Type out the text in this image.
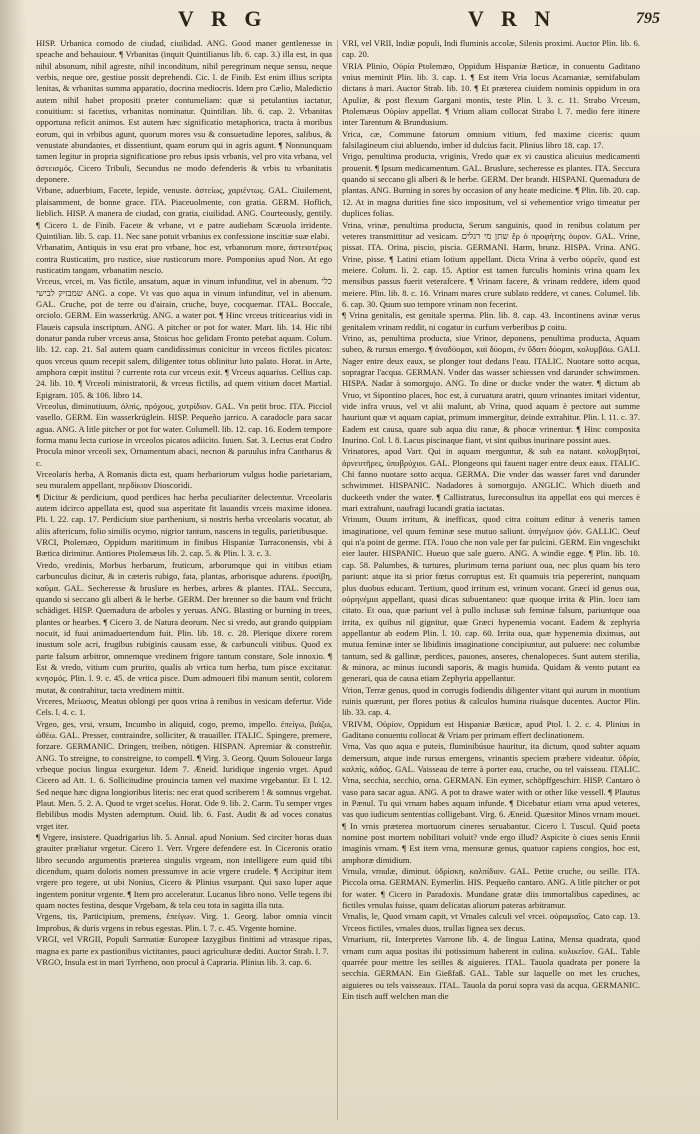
V R G	V R N	795

HISP. Urbanica comodo de ciudad, ciuilidad. ANG. Good maner gentlenesse in speache and behauiour. ¶ Vrbanitas (inquit Quintilianus lib. 6. cap. 3.) illa est, in qua nihil absonum, nihil agreste, nihil inconditum, nihil peregrinum neque sensu, neque verbis, neque ore, gestiue possit deprehendi. Cic. l. de Finib. Est enim illius scripta lenitas, & vrbanitas summa apparatio, docrina mediocris. Idem pro Cælio, Maledictio autem nihil habet propositi præter contumeliam: quæ si petulantius iactatur, conuitium: si facetius, vrbanitas nominatur. Quintilian. lib. 6. cap. 2. Vrbanitas opportuna reficit animos. Est autem hæc significatio metaphorica, tracta à moribus eorum, qui in vrbibus agunt, quorum mores vsu & consuetudine lepores, salibus, & venustate abundantes, et dissentiunt, quam eorum qui in agris agunt. ¶ Nonnunquam tamen legitur in propria significatione pro rebus ipsis vrbanis, vel pro vita vrbana, vel ἀστεισμός. Cicero Tribuli, Secundus ne modo defenderis & vrbis tu vrbanitatis deponere.

Vrbane, aduerbium, Facete, lepide, venuste. ἀστείως, χαριέντως. GAL. Ciuilement, plaisamment, de bonne grace. ITA. Piaceuolmente, con gratia. GERM. Hoflich, lieblich. HISP. A manera de ciudad, con gratia, ciuilidad. ANG. Courteously, gentily. ¶ Cicero 1. de Finib. Facete & vrbane, vt e patre audiebam Scæuola irridente. Quintilian. lib. 5. cap. 11. Nec sane potuit vrbanius ex confessione inscitiæ suæ elabi.

Vrbanatim, Antiquis in vsu erat pro vrbane, hoc est, vrbanorum more, ἀστειοτέρως contra Rusticatim, pro rustice, siue rusticorum more. Pomponius apud Non. At ego rusticatim tangam, vrbanatim nescio.

Vrceus, vrcei, m. Vas fictile, ansatum, aquæ in vinum infunditur, vel in abenum. כלי שמבזיק לבישי ANG. a cope. Vt vas quo aqua in vinum infunditur, vel in abenum. GAL. Cruche, pot de terre ou d'airain, cruche, buye, cocquemar. ITAL. Boccale, orciolo. GERM. Ein wasserkrüg. ANG. a water pot. ¶ Hinc vrceus triticearius vidi in Flaueis capsula inscriptum. ANG. A pitcher or pot for water. Mart. lib. 14. Hic tibi donatur panda ruber vrceus ansa, Stoicus hoc gelidam Fronto petebat aquam. Colum. lib. 12. cap. 21. Sal autem quam candidissimus conicitur in vrceos fictiles picatos: quos vrceus quum recepit salem, diligenter totus oblinitur luto palato. Horat. in Arte, amphora cœpit institui ? currente rota cur vrceus exit. ¶ Vrceus aquarius. Cellius cap. 24. lib. 10. ¶ Vrceoli ministratorii, & vrceus fictilis, ad quem vitium docet Martial. Epigram. 105. & 106. libro 14.

Vrceolus, diminutiuum, ὀλπίς, πρόχους, χυτρίδιον. GAL. Vn petit broc. ITA. Picciol vasello. GERM. Ein wasserkrüglein. HISP. Pequeño jarrico. A caradocle para sacar agua. ANG. A litle pitcher or pot for water. Columell. lib. 12. cap. 16. Eodem tempore forma manu lecta curiose in vrceolos picatos adiicito. Iuuen. Sat. 3. Lectus erat Codro Procula minor vrceoli sex, Ornamentum abaci, necnon & paruulus infra Cantharus & c.

Vrceolaris herba, A Romanis dicta est, quam herbariorum vulgus hodie parietariam, seu muralem appellant, περδίκιον Dioscoridi.

¶ Dicitur & perdicium, quod perdices hac herba peculiariter delectentur. Vrceolaris autem idcirco appellata est, quod sua asperitate fit lauandis vrceis maxime idonea. Pli. l. 22. cap. 17. Perdicium siue parthenium, si nostris herba vrceolaris vocatur, ab aliis aftericum, folio similis ocymo, nigrior tantum, nascens in tegulis, parietibusque.

VRCI, Ptolemæo, Oppidum maritimum in finibus Hispaniæ Tarraconensis, vbi à Bætica dirimitur. Antiores Ptolemæus lib. 2. cap. 5. & Plin. l. 3. c. 3.

Vredo, vredinis, Morbus herbarum, fruticum, arborumque qui in vitibus etiam carbunculus dicitur, & in cæteris rubigo, fata, plantas, arborisque adurens. ἐρυσίβη, καῦμα. GAL. Secheresse & bruslure es herbes, arbres & plantes. ITAL. Seccura, quando si seccano gli alberi & le herbe. GERM. Der brenner so die baum vnd frücht schädiget. HISP. Quemadura de arboles y yeruas. ANG. Blasting or burning in trees, plantes or hearbes. ¶ Cicero 3. de Natura deorum. Nec si vredo, aut grando quippiam nocuit, id fuui animaduertendum fuit. Plin. lib. 18. c. 28. Plerique dixere rorem inustum sole acri, frugibus rubiginis causam esse, & carbunculi vitibus. Quod ex parte falsum arbitror, omnemque vredinem frigore tantum constare, Sole innoxio. ¶ Est & vredo, vitium cum prurito, qualis ab vrtica tum herba, tum pisce excitatur. κνησμός. Plin. l. 9. c. 45. de vrtica pisce. Dum admoueri fibi manum sentit, colorem mutat, & contrahitur, tacta vredinem mittit.

Vrceres, Μείωσις, Meatus oblongi per quos vrina à renibus in vesicam defertur. Vide Cels. l. 4. c. 1.

Vrgeo, ges, vrsi, vrsum, Incumbo in aliquid, cogo, premo, impello. ἐπείγω, βιάζω, ὠθέω. GAL. Presser, contraindre, solliciter, & trauailler. ITALIC. Spingere, premere, forzare. GERMANIC. Dringen, treiben, nötigen. HISPAN. Apremiar & constreñir. ANG. To streigne, to constreigne, to compell. ¶ Virg. 3. Georg. Quum Soloueur larga vrbeque pocius lingua exurgetur. Idem 7. Æneid. Iuridique ingenio vrget. Apud Cicero ad Att. 1. 6. Sollicitudine prouincia tamen vel maxime vrgebantur. Et l. 12. Sed neque hæc digna longioribus literis: nec erat quod scriberem ! & somnus vrgebat. Plaut. Men. 5. 2. A. Quod te vrget scelus. Horat. Ode 9. lib. 2. Carm. Tu semper vrges flebilibus modis Mysten ademptum. Ouid. lib. 6. Fast. Audit & ad voces conatus vrget iter.

¶ Vrgere, insistere. Quadrigarius lib. 5. Annal. apud Nonium. Sed circiter horas duas grauiter præliatur vrgetur. Cicero 1. Verr. Vrgere defendere est. In Ciceronis oratio libro secundo argumentis præterea singulis vrgeam, non intelligere eum quid tibi dicendum, quam doloris nomen pressumve in acie vrgere crudele. ¶ Accipitur item vrgere pro tegere, ut ubi Nonius, Cicero & Plinius vsurpant. Qui saxo luper aque ingentem ponitur vrgente. ¶ Item pro acceleratur. Lucanus libro nono. Velle tegens ibi quam noctes festina, desque Vrgebam, & tela ceu tota in sagitta illa tuta.

Vrgens, tis, Participium, premens, ἐπείγων. Virg. 1. Georg. labor omnia vincit Improbus, & duris vrgens in rebus egestas. Plin. l. 7. c. 45. Vrgente homine.

VRGI, vel VRGII, Populi Sarmatiæ Europeæ Iazygibus finitimi ad vtrasque ripas, magna ex parte ex pastionibus victitantes, pauci agriculturæ dediti. Auctor Strab. l. 7.

VRGO, Insula est in mari Tyrrheno, non procul à Capraria. Plinius lib. 3. cap. 6.

VRI, vel VRII, Indiæ populi, Indi fluminis accolæ, Silenis proximi. Auctor Plin. lib. 6. cap. 20.

VRIA Plinio, Οὐρία Ptolemæo, Oppidum Hispaniæ Bæticæ, in conuentu Gaditano vnius meminit Plin. lib. 3. cap. 1. ¶ Est item Vria locus Acarnaniæ, semifabulam dictans à mari. Auctor Strab. lib. 10. ¶ Et præterea ciuidem nominis oppidum in ora Apuliæ, & post flexum Gargani montis, teste Plin. l. 3. c. 11. Strabo Vrceum, Ptolemæus Οὐρίον appellat. ¶ Vrium aliam collocat Strabo l. 7. medio fere itinere inter Tarentum & Brundusium.

Vrica, cæ, Commune fatorum omnium vitium, fed maxime ciceris: quum falsilagineum ciui abluendo, imber id dulcius facit. Plinius libro 18. cap. 17.

Vrigo, penultima producta, vriginis, Vredo quæ ex vi caustica alicuius medicamenti prouenit. ¶ Ipsum medicamentum. GAL. Bruslure, secheresse es plantes. ITA. Seccura quando si seccano gli alberi & le herbe. GERM. Der brandt. HISPANI. Quemadura de plantas. ANG. Burning in sores by occasion of any heate medicine. ¶ Plin. lib. 20. cap. 12. At in magna durities fine sico impositum, vel si vehementior vrigo timeatur per duplices folias.

Vrina, vrinæ, penultima producta, Serum sanguinis, quod in renibus colatum per veteres transmittitur ad vesicam. שתן מי רגלים ἔρ ὁ προφήτης ὀυρον. GAL. Vrine, pissat. ITA. Orina, piscio, piscia. GERMANI. Harm, brunz. HISPA. Vrina. ANG. Vrine, pisse. ¶ Latini etiam lotium appellant. Dicta Vrina à verbo οὐρεῖν, quod est meiere. Colum. li. 2. cap. 15. Aptior est tamen furculis hominis vrina quam lex mensibus passus fuerit veterafcere. ¶ Vrinam facere, & vrinam reddere, idem quod meiere. Plin. lib. 8. c. 16. Vrinam mares crure sublato reddere, vt canes. Columel. lib. 6. cap. 30. Quum suo tempore vrinam non fecerint.

¶ Vrina genitalis, est genitale sperma. Plin. lib. 8. cap. 43. Incontinens avinæ verus genitalem vrinam reddit, ni cogatur in curfum verberibus ꝑ coitu.

Vrino, as, penultima producta, siue Vrinor, deponens, penultima producta, Aquam subeo, & rursus emergo. ¶ ἀναδύομαι, καὶ δύομαι, ἐν ὕδατι δύομαι, κολυμβάω. GALI. Nager entre deux eaux, se plonger tout dedans l'eau. ITALIC. Nuotare sotto acqua, sopragrar l'acqua. GERMAN. Vnder das wasser schiessen vnd darunder schwimmen. HISPA. Nadar à somorgujo. ANG. To dine or ducke vnder the water. ¶ dictum ab Vruo, vt Sipontino places, hoc est, à curuatura aratri, quum vrinantes imitari videntur, vide infra vruus, vel vt alii malunt, ab Vrina, quod aquam è pectore aut summe hauriunt quæ vt aquam capiat, primum immergitur, deinde extrahitur. Plin. l. 11. c. 37. Eadem est causa, quare sub aqua diu ranæ, & phocæ vrinentur. ¶ Hinc composita Inurino. Col. l. 8. Lacus piscinaque fiant, vt sint quibus inurinare possint aues.

Vrinatores, apud Varr. Qui in aquam merguntur, & sub ea natant. κολυμβηταί, ἀρνευτῆρες, ὑποβρύχιοι. GAL. Plongeons qui fauent nager entre deux eaux. ITALIC. Chi fanno nuotare sotto acqua. GERMA. Die vnder das wasser faret vnd darunder schwimmet. HISPANIC. Nadadores à somorgujo. ANGLIC. Which diueth and duckeeth vnder the water. ¶ Callistratus, Iureconsultus ita appellat eos qui merces è mari extrahunt, naufragi lucandi gratia iactatas.

Vrinum, Ouum irritum, & inefficax, quod citra coitum editur à veneris tamen imaginatione, vel quum feminæ sese mutuo saliunt. ὑπηνέμιον ᾠόν. GALLIC. Oeuf qui n'a point de germe. ITA. l'ouo che non vale per far pulcini. GERM. Ein vngeschikt eier lauter. HISPANIC. Hueuo que sale guero. ANG. A windie egge. ¶ Plin. lib. 10. cap. 58. Palumbes, & turtures, plurimum terna pariunt oua, nec plus quam bis tero pariunt: atque ita si prior fœtus corruptus est. Et quamuis tria pepererint, nunquam plus duobus educant. Tertium, quod irritum est, vrinum vocant. Græci id genus oua, οὐρηνέμια appellant, quasi dicas subuentaneo: quæ quoque irrita & Plin. loco iam citato. Et oua, quæ pariunt vel à pullo inclusæ sub feminæ falsum, pariuntque oua irrita, ex quibus nil gignitur, quæ Græci hypenemia vocant. Eadem & zephyria appellantur ab eodem Plin. l. 10. cap. 60. Irrita oua, quæ hypenemia diximus, aut mutua feminæ inter se libidinis imaginatione concipiuntur, aut puluere: nec columbæ tantum, sed & gallinæ, perdices, pauones, anseres, chenalopeces. Sunt autem sterilia, & minora, ac minus iucundi saporis, & magis humida. Quidam & vento putant ea generari, qua de causa etiam Zephyria appellantur.

Vrion, Terræ genus, quod in corrugis fodiendis diligenter vitant qui aurum in montium ruinis quærunt, per flores potius & calculos humina riuásque ducentes. Auctor Plin. lib. 33. cap. 4.

VRIVM, Οὐρίον, Oppidum est Hispaniæ Bæticæ, apud Ptol. l. 2. c. 4. Plinius in Gaditano conuentu collocat & Vriam per primam effert declinationem.

Vrna, Vas quo aqua e puteis, fluminibúsue hauritur, ita dictum, quod subter aquam demersum, atque inde rursus emergens, vrinantis speciem præbere videatur. ὑδρία, καλπίς, κάδος. GAL. Vaisseau de terre à porter eau, cruche, ou tel vaisseau. ITALIC. Vrna, secchia, secchio, orna. GERMAN. Ein eymer, schöpffgeschirr. HISP. Cantaro ò vaso para sacar agua. ANG. A pot to drawe water with or other like vessell. ¶ Plautus in Pænul. Tu qui vrnam habes aquam infunde. ¶ Dicebatur etiam vrna apud veteres, vas quo iudicum sententias colligebant. Virg. 6. Æneid. Quæsitor Minos vrnam mouet. ¶ In vrnis præterea mortuorum cineres seruabantur. Cicero l. Tuscul. Quid poeta nomine post mortem nobilitari voluit? vnde ergo illud? Aspicite ò ciues senis Ennii imaginis vrnam. ¶ Est item vrna, mensuræ genus, quatuor capiens congios, hoc est, amphoræ dimidium.

Vrnula, vrnulæ, diminut. ὑδρίσκη, καλπίδιον. GAL. Petite cruche, ou seille. ITA. Piccola orna. GERMAN. Eymerlin. HIS. Pequeño cantaro. ANG. A litle pitcher or pot for water. ¶ Cicero in Paradoxis. Mundane gratæ diis immortalibus capedines, ac fictiles vrnulas fuisse, quam delicatas aliorum pateras arbitramur.

Vrnalis, le, Quod vrnam capit, vt Vrnales calculi vel vrcei. οὐραμιαῖος. Cato cap. 13. Vrceos fictiles, vrnales duos, trullas lignea sex decus.

Vrnarium, rii, Interpretes Varrone lib. 4. de lingua Latina, Mensa quadrata, quod vrnam cum aqua positas ibi potissimum haberent in culina. κυλικεῖον. GAL. Table quarrée pour mettre les seilles & aiguieres. ITAL. Tauola quadrata per ponere la secchia. GERMAN. Ein Gießfaß. GAL. Table sur laquelle on met les cruches, aiguieres ou tels vaisseaux. ITAL. Tauola da porui sopra vasi da acqua. GERMANIC. Ein tisch auff welchen man die
